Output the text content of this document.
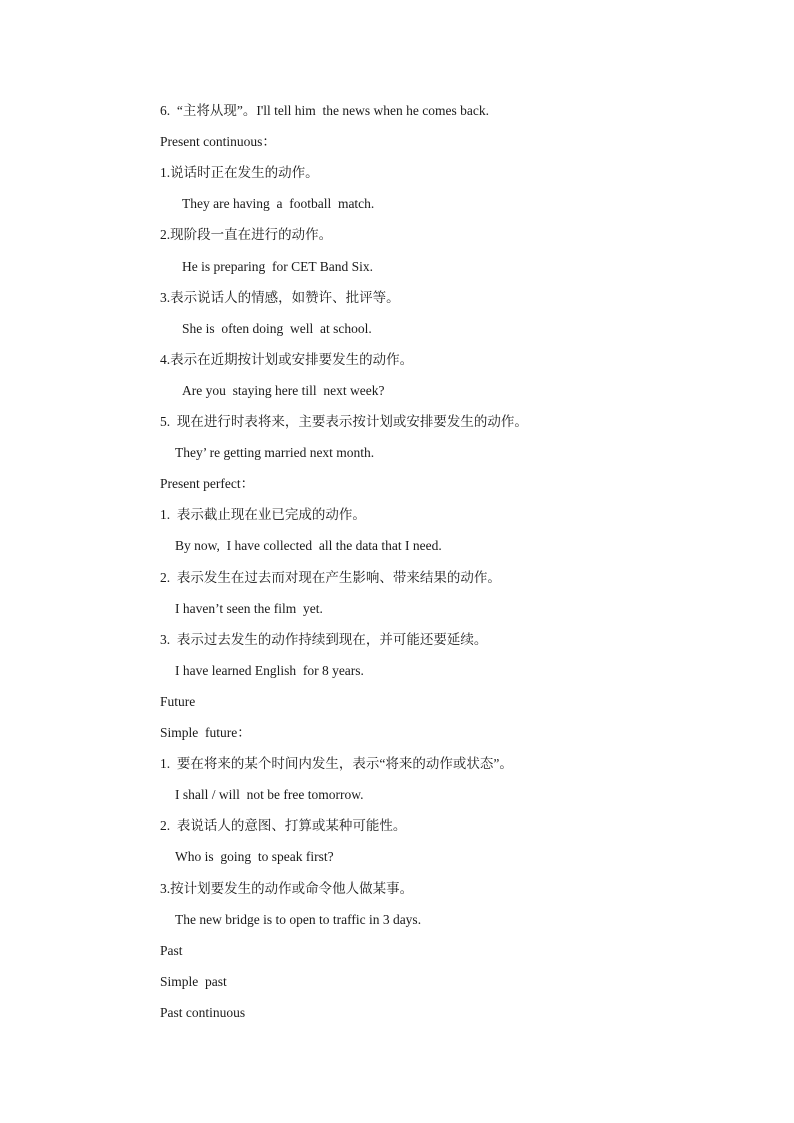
6.  “主将从现”。I'll tell him  the news when he comes back.
Present continuous：
1.说话时正在发生的动作。
They are having  a  football  match.
2.现阶段一直在进行的动作。
He is preparing  for CET Band Six.
3.表示说话人的情感，如赞许、批评等。
She is  often doing  well  at school.
4.表示在近期按计划或安排要发生的动作。
Are you  staying here till  next week?
5.  现在进行时表将来，主要表示按计划或安排要发生的动作。
They’ re getting married next month.
Present perfect：
1.  表示截止现在业已完成的动作。
By now,  I have collected  all the data that I need.
2.  表示发生在过去而对现在产生影响、带来结果的动作。
I haven’t seen the film  yet.
3.  表示过去发生的动作持续到现在，并可能还要延续。
I have learned English  for 8 years.
Future
Simple  future：
1.  要在将来的某个时间内发生，表示“将来的动作或状态”。
I shall / will  not be free tomorrow.
2.  表说话人的意图、打算或某种可能性。
Who is  going  to speak first?
3.按计划要发生的动作或命令他人做某事。
The new bridge is to open to traffic in 3 days.
Past
Simple  past
Past continuous
